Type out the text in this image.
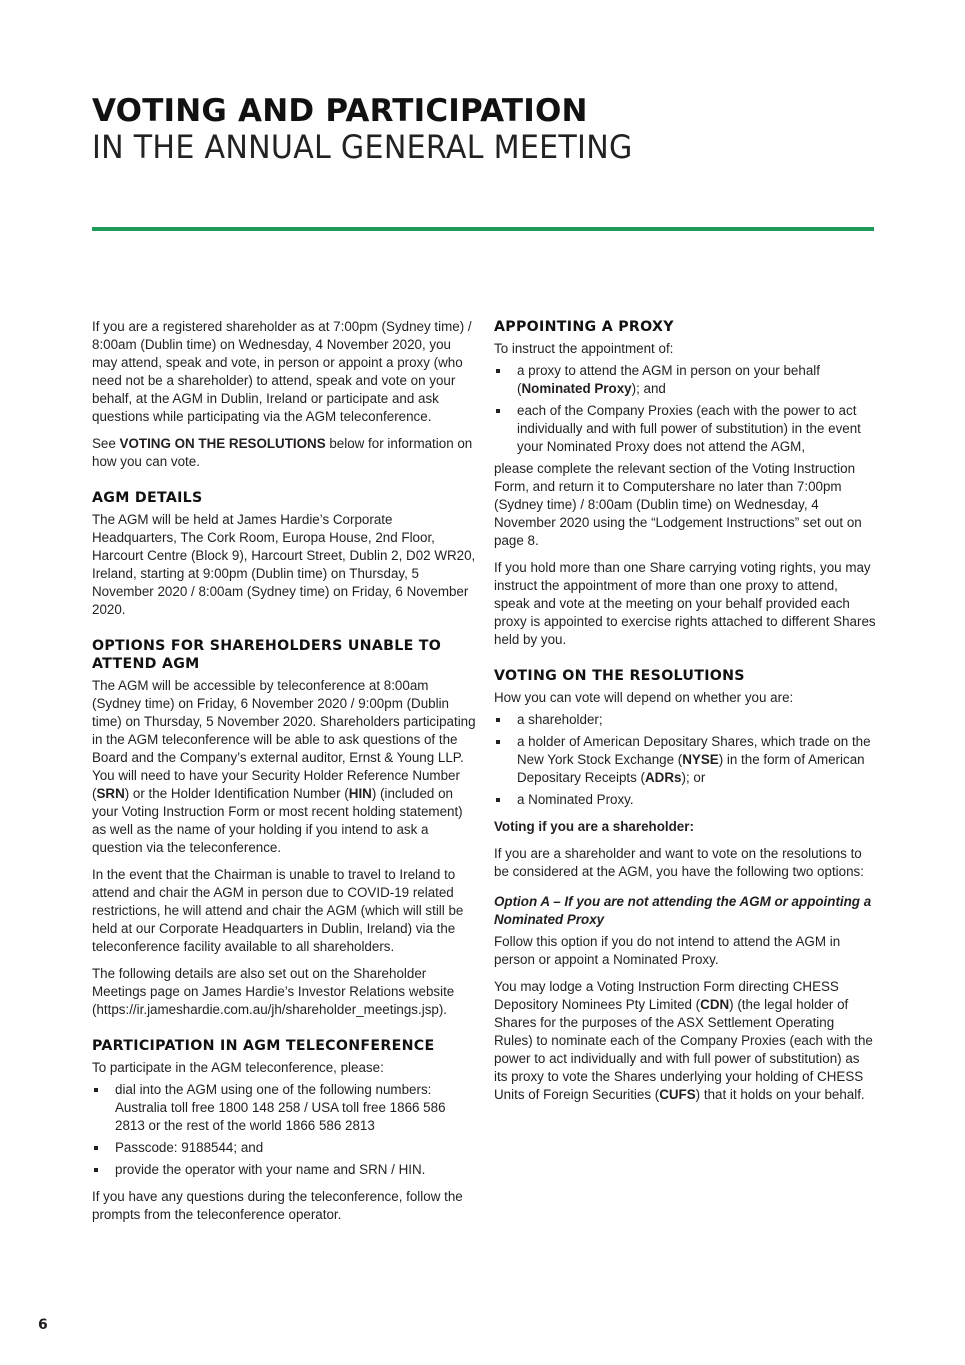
VOTING AND PARTICIPATION
IN THE ANNUAL GENERAL MEETING

If you are a registered shareholder as at 7:00pm (Sydney time) / 8:00am (Dublin time) on Wednesday, 4 November 2020, you may attend, speak and vote, in person or appoint a proxy (who need not be a shareholder) to attend, speak and vote on your behalf, at the AGM in Dublin, Ireland or participate and ask questions while participating via the AGM teleconference.

See VOTING ON THE RESOLUTIONS below for information on how you can vote.

AGM DETAILS

The AGM will be held at James Hardie’s Corporate Headquarters, The Cork Room, Europa House, 2nd Floor, Harcourt Centre (Block 9), Harcourt Street, Dublin 2, D02 WR20, Ireland, starting at 9:00pm (Dublin time) on Thursday, 5 November 2020 / 8:00am (Sydney time) on Friday, 6 November 2020.

OPTIONS FOR SHAREHOLDERS UNABLE TO ATTEND AGM

The AGM will be accessible by teleconference at 8:00am (Sydney time) on Friday, 6 November 2020 / 9:00pm (Dublin time) on Thursday, 5 November 2020. Shareholders participating in the AGM teleconference will be able to ask questions of the Board and the Company’s external auditor, Ernst & Young LLP. You will need to have your Security Holder Reference Number (SRN) or the Holder Identification Number (HIN) (included on your Voting Instruction Form or most recent holding statement) as well as the name of your holding if you intend to ask a question via the teleconference.

In the event that the Chairman is unable to travel to Ireland to attend and chair the AGM in person due to COVID-19 related restrictions, he will attend and chair the AGM (which will still be held at our Corporate Headquarters in Dublin, Ireland) via the teleconference facility available to all shareholders.

The following details are also set out on the Shareholder Meetings page on James Hardie’s Investor Relations website (https://ir.jameshardie.com.au/jh/shareholder_meetings.jsp).

PARTICIPATION IN AGM TELECONFERENCE

To participate in the AGM teleconference, please:

dial into the AGM using one of the following numbers: Australia toll free 1800 148 258 / USA toll free 1866 586 2813 or the rest of the world 1866 586 2813
Passcode: 9188544; and
provide the operator with your name and SRN / HIN.

If you have any questions during the teleconference, follow the prompts from the teleconference operator.

APPOINTING A PROXY

To instruct the appointment of:

a proxy to attend the AGM in person on your behalf (Nominated Proxy); and
each of the Company Proxies (each with the power to act individually and with full power of substitution) in the event your Nominated Proxy does not attend the AGM,

please complete the relevant section of the Voting Instruction Form, and return it to Computershare no later than 7:00pm (Sydney time) / 8:00am (Dublin time) on Wednesday, 4 November 2020 using the “Lodgement Instructions” set out on page 8.

If you hold more than one Share carrying voting rights, you may instruct the appointment of more than one proxy to attend, speak and vote at the meeting on your behalf provided each proxy is appointed to exercise rights attached to different Shares held by you.

VOTING ON THE RESOLUTIONS

How you can vote will depend on whether you are:

a shareholder;
a holder of American Depositary Shares, which trade on the New York Stock Exchange (NYSE) in the form of American Depositary Receipts (ADRs); or
a Nominated Proxy.
Voting if you are a shareholder:

If you are a shareholder and want to vote on the resolutions to be considered at the AGM, you have the following two options:

Option A – If you are not attending the AGM or appointing a Nominated Proxy

Follow this option if you do not intend to attend the AGM in person or appoint a Nominated Proxy.

You may lodge a Voting Instruction Form directing CHESS Depository Nominees Pty Limited (CDN) (the legal holder of Shares for the purposes of the ASX Settlement Operating Rules) to nominate each of the Company Proxies (each with the power to act individually and with full power of substitution) as its proxy to vote the Shares underlying your holding of CHESS Units of Foreign Securities (CUFS) that it holds on your behalf.

6
